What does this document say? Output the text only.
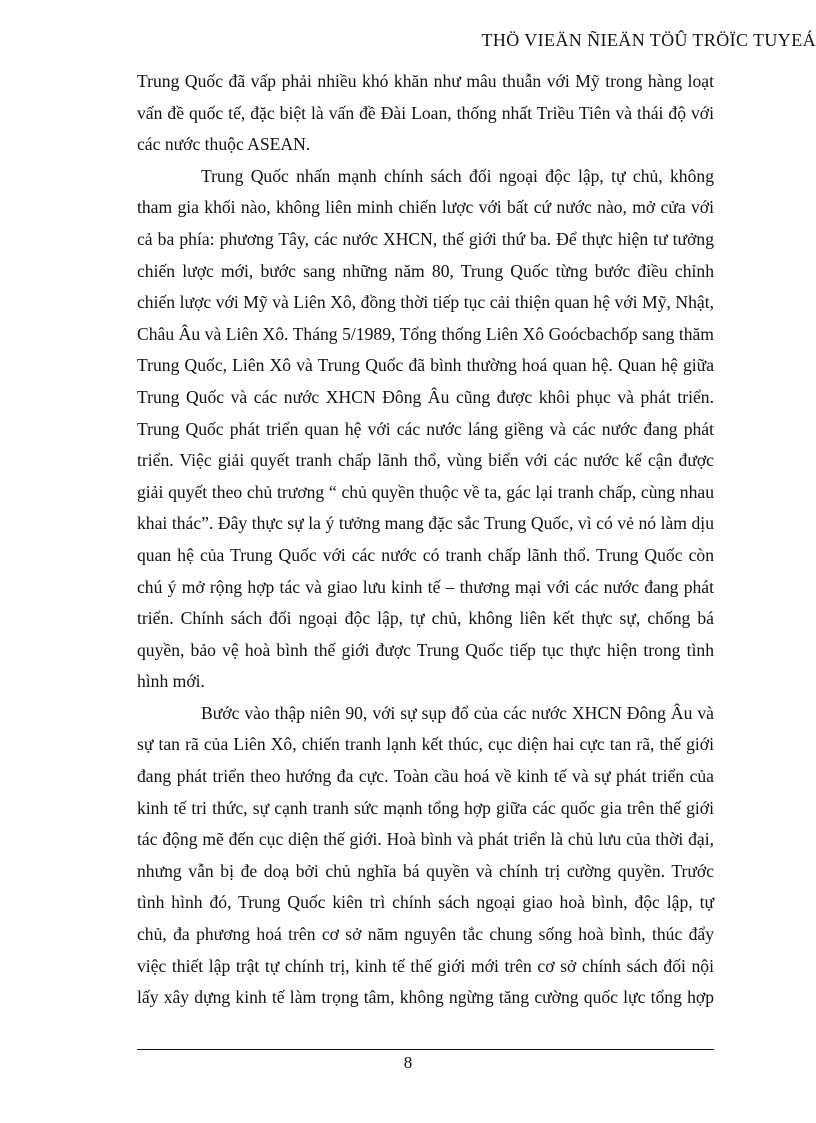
THÖ VIEÄN ÑIEÄN TÖÛ TRÖÏC TUYEÁ
Trung Quốc đã vấp phải nhiều khó khăn như mâu thuẫn với Mỹ trong hàng loạt
vấn đề quốc tế, đặc biệt là vấn đề Đài Loan, thống nhất Triều Tiên và thái độ với
các nước thuộc ASEAN.
Trung Quốc nhấn mạnh chính sách đối ngoại độc lập, tự chủ, không
tham gia khối nào, không liên minh chiến lược với bất cứ nước nào, mở cửa với
cả ba phía: phương Tây, các nước XHCN, thế giới thứ ba. Để thực hiện tư tưởng
chiến lược mới, bước sang những năm 80, Trung Quốc từng bước điều chỉnh
chiến lược với Mỹ và Liên Xô, đồng thời tiếp tục cải thiện quan hệ với Mỹ, Nhật,
Châu Âu và Liên Xô. Tháng 5/1989, Tổng thống Liên Xô Goócbachốp sang thăm
Trung Quốc, Liên Xô và Trung Quốc đã bình thường hoá quan hệ. Quan hệ giữa
Trung Quốc và các nước XHCN Đông Âu cũng được khôi phục và phát triển.
Trung Quốc phát triển quan hệ với các nước láng giềng và các nước đang phát
triển. Việc giải quyết tranh chấp lãnh thổ, vùng biển với các nước kế cận được
giải quyết theo chủ trương “ chủ quyền thuộc về ta, gác lại tranh chấp, cùng nhau
khai thác”. Đây thực sự la ý tưởng mang đặc sắc Trung Quốc, vì có vẻ nó làm dịu
quan hệ của Trung Quốc với các nước có tranh chấp lãnh thổ. Trung Quốc còn
chú ý mở rộng hợp tác và giao lưu kinh tế – thương mại với các nước đang phát
triển. Chính sách đối ngoại độc lập, tự chủ, không liên kết thực sự, chống bá
quyền, bảo vệ hoà bình thế giới được Trung Quốc tiếp tục thực hiện trong tình
hình mới.
Bước vào thập niên 90, với sự sụp đổ của các nước XHCN Đông Âu và
sự tan rã của Liên Xô, chiến tranh lạnh kết thúc, cục diện hai cực tan rã, thế giới
đang phát triển theo hướng đa cực. Toàn cầu hoá về kinh tế và sự phát triển của
kinh tế tri thức, sự cạnh tranh sức mạnh tổng hợp giữa các quốc gia trên thế giới
tác động mẽ đến cục diện thế giới. Hoà bình và phát triển là chủ lưu của thời đại,
nhưng vẫn bị đe doạ bởi chủ nghĩa bá quyền và chính trị cường quyền. Trước
tình hình đó, Trung Quốc kiên trì chính sách ngoại giao hoà bình, độc lập, tự
chủ, đa phương hoá trên cơ sở năm nguyên tắc chung sống hoà bình, thúc đẩy
việc thiết lập trật tự chính trị, kinh tế thế giới mới trên cơ sở chính sách đối nội
lấy xây dựng kinh tế làm trọng tâm, không ngừng tăng cường quốc lực tổng hợp
8
